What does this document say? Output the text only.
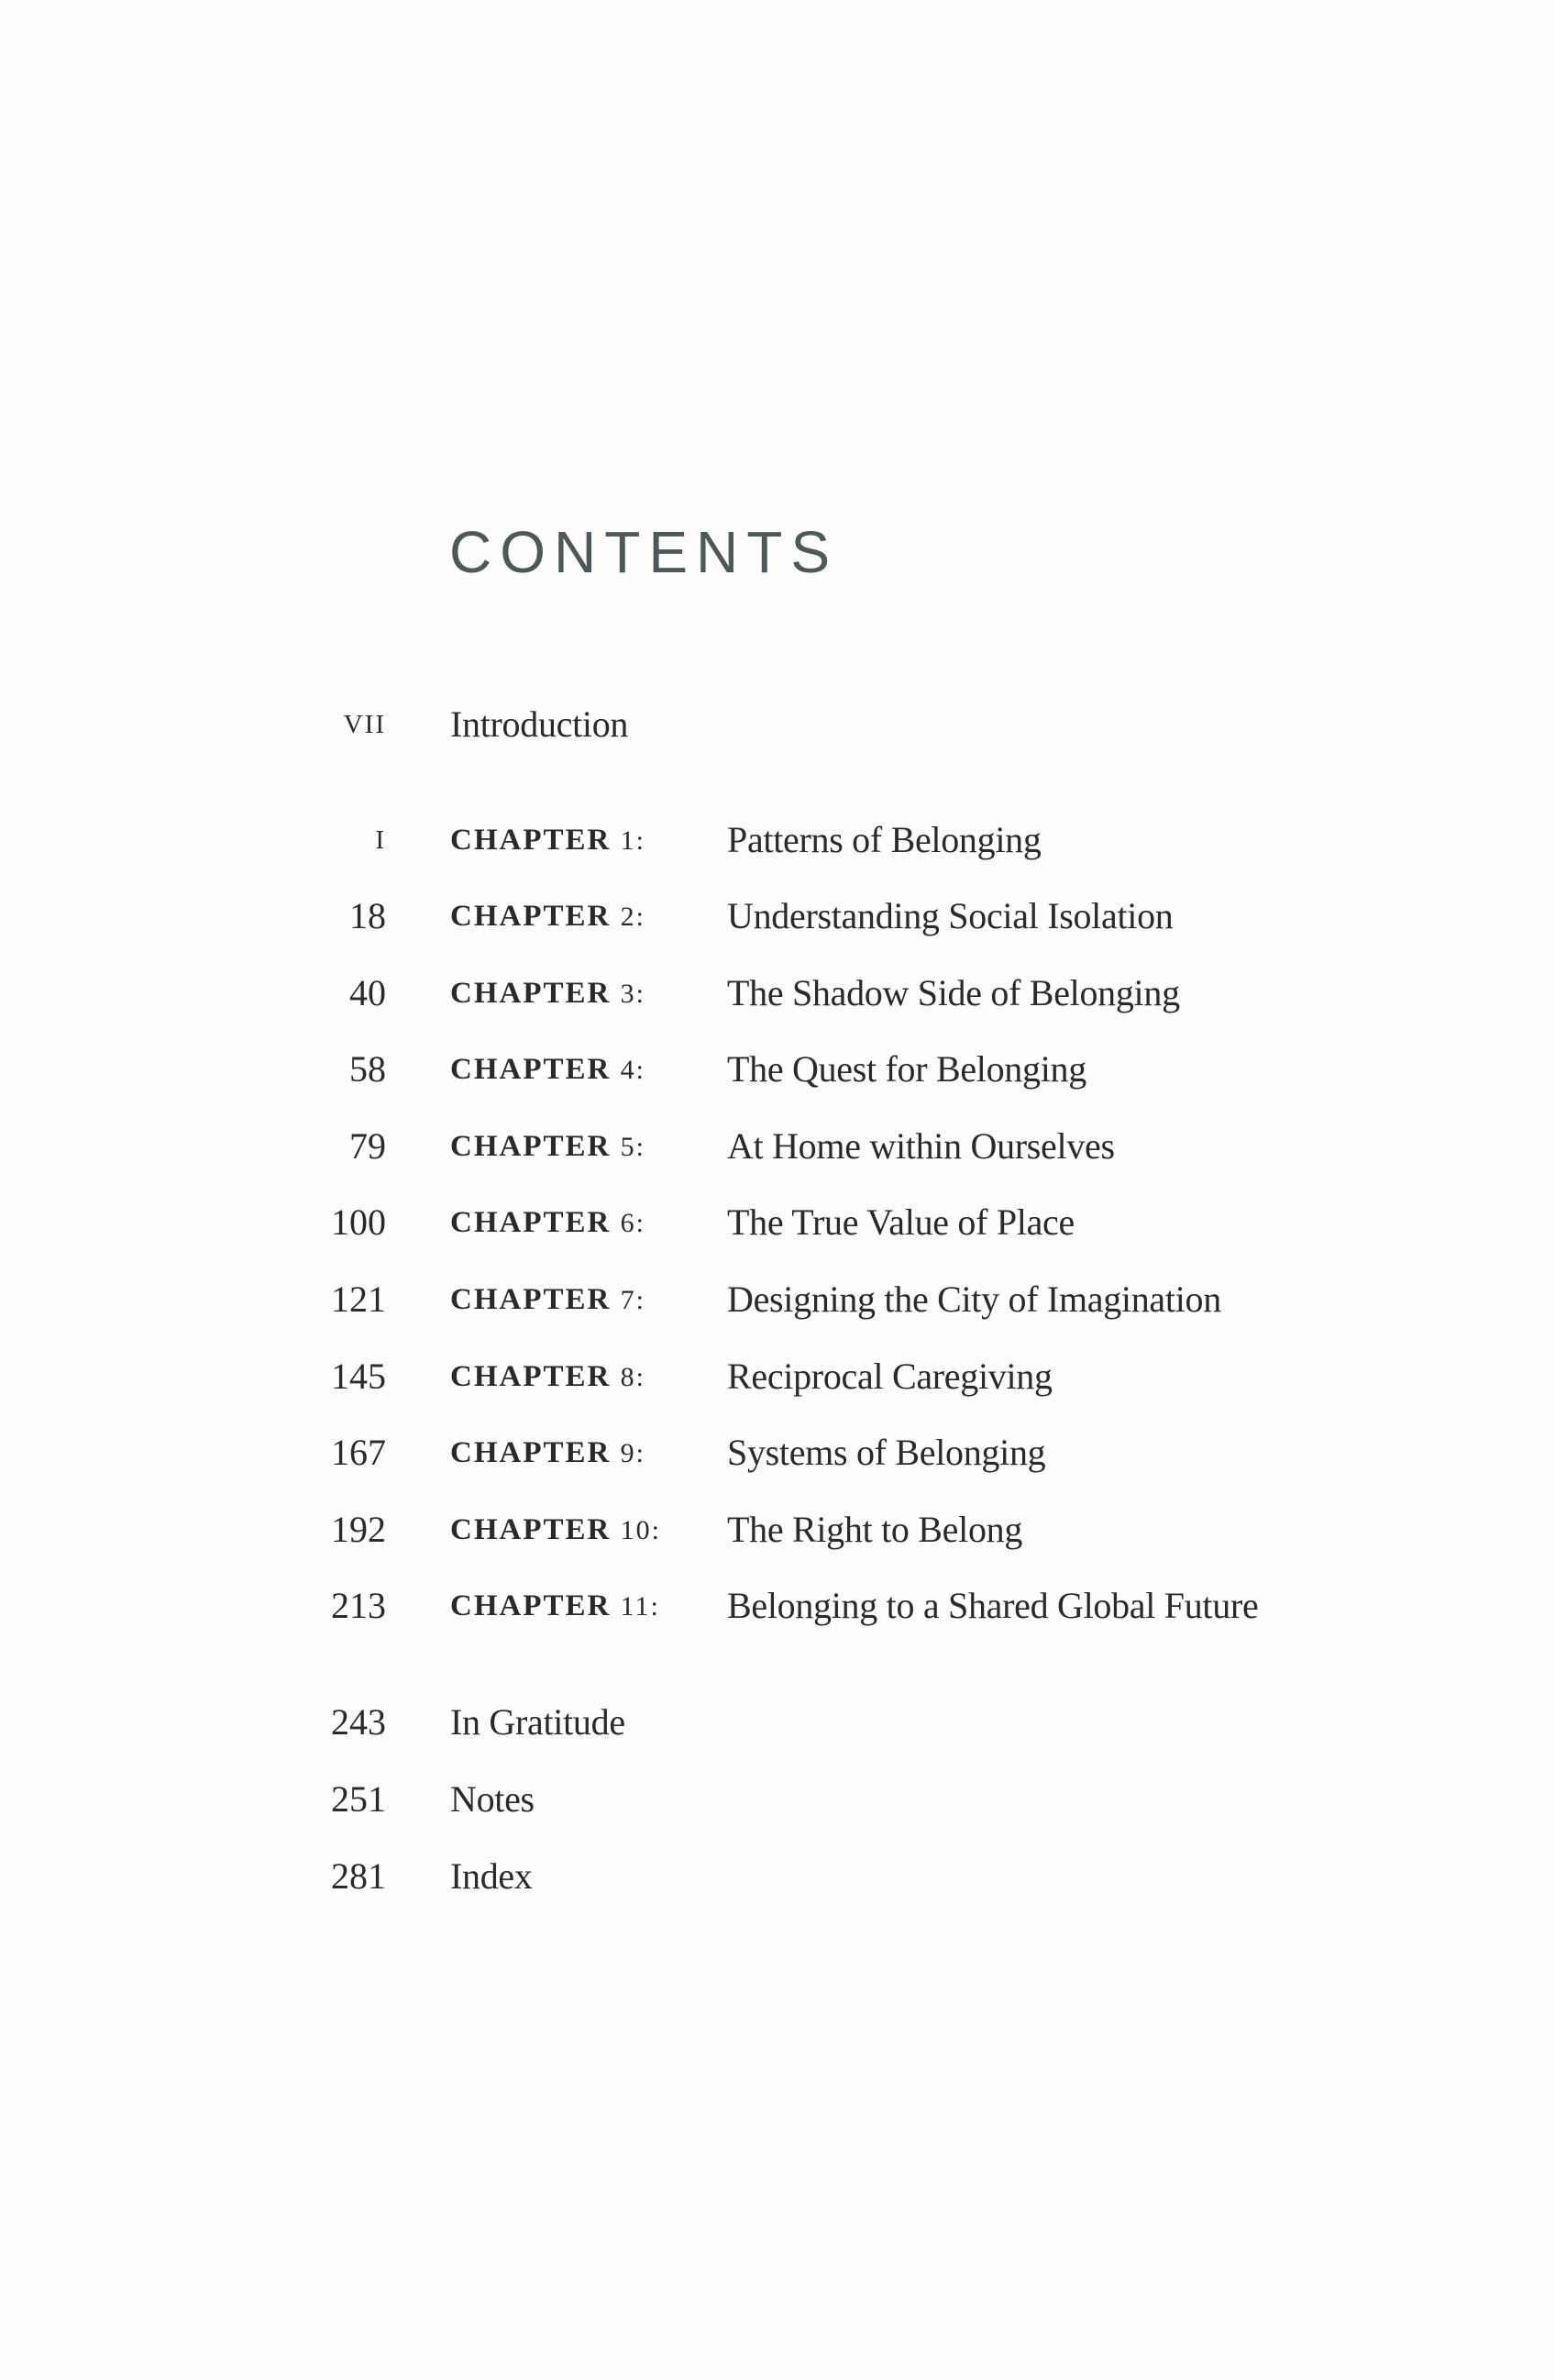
CONTENTS
VII Introduction
I CHAPTER 1: Patterns of Belonging
18 CHAPTER 2: Understanding Social Isolation
40 CHAPTER 3: The Shadow Side of Belonging
58 CHAPTER 4: The Quest for Belonging
79 CHAPTER 5: At Home within Ourselves
100 CHAPTER 6: The True Value of Place
121 CHAPTER 7: Designing the City of Imagination
145 CHAPTER 8: Reciprocal Caregiving
167 CHAPTER 9: Systems of Belonging
192 CHAPTER 10: The Right to Belong
213 CHAPTER 11: Belonging to a Shared Global Future
243 In Gratitude
251 Notes
281 Index
